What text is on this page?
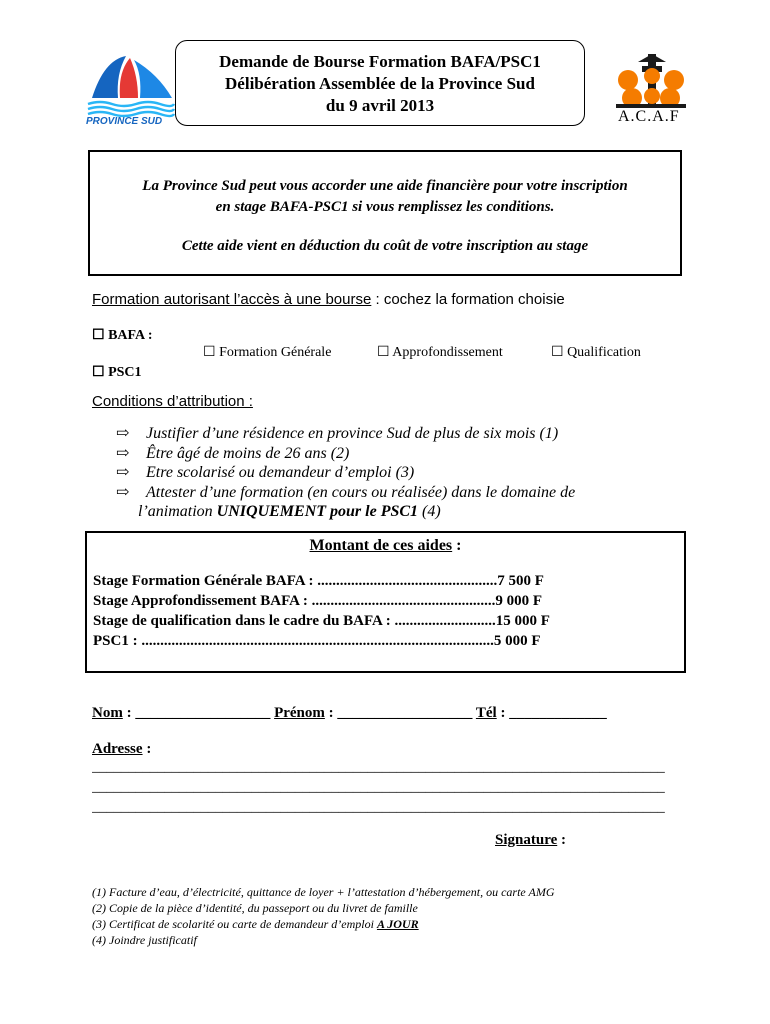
PROVINCE SUD
Demande de Bourse Formation BAFA/PSC1
Délibération Assemblée de la Province Sud
du 9 avril 2013
A.C.A.F
La Province Sud peut vous accorder une aide financière pour votre inscription
en stage BAFA-PSC1 si vous remplissez les conditions.
Cette aide vient en déduction du coût de votre inscription au stage
Formation autorisant l’accès à une bourse : cochez la formation choisie
☐ BAFA :
☐ Formation Générale	☐ Approfondissement	☐ Qualification
☐ PSC1
Conditions d’attribution :
⇨	Justifier d’une résidence en province Sud de plus de six mois (1)
⇨	Être âgé de moins de 26 ans (2)
⇨	Etre scolarisé ou demandeur d’emploi (3)
⇨	Attester d’une formation (en cours ou réalisée) dans le domaine de
l’animation UNIQUEMENT pour le PSC1 (4)
Montant de ces aides :
Stage Formation Générale BAFA : ................................................7 500 F
Stage Approfondissement BAFA : .................................................9 000 F
Stage de qualification dans le cadre du BAFA : ...........................15 000 F
PSC1 : ..............................................................................................5 000 F
Nom : __________________ Prénom : __________________ Tél : _____________
Adresse :
_______________________________________________________________________________
_______________________________________________________________________________
_______________________________________________________________________________
Signature :
(1) Facture d’eau, d’électricité, quittance de loyer + l’attestation d’hébergement, ou carte AMG
(2) Copie de la pièce d’identité, du passeport ou du livret de famille
(3) Certificat de scolarité ou carte de demandeur d’emploi A JOUR
(4) Joindre justificatif
